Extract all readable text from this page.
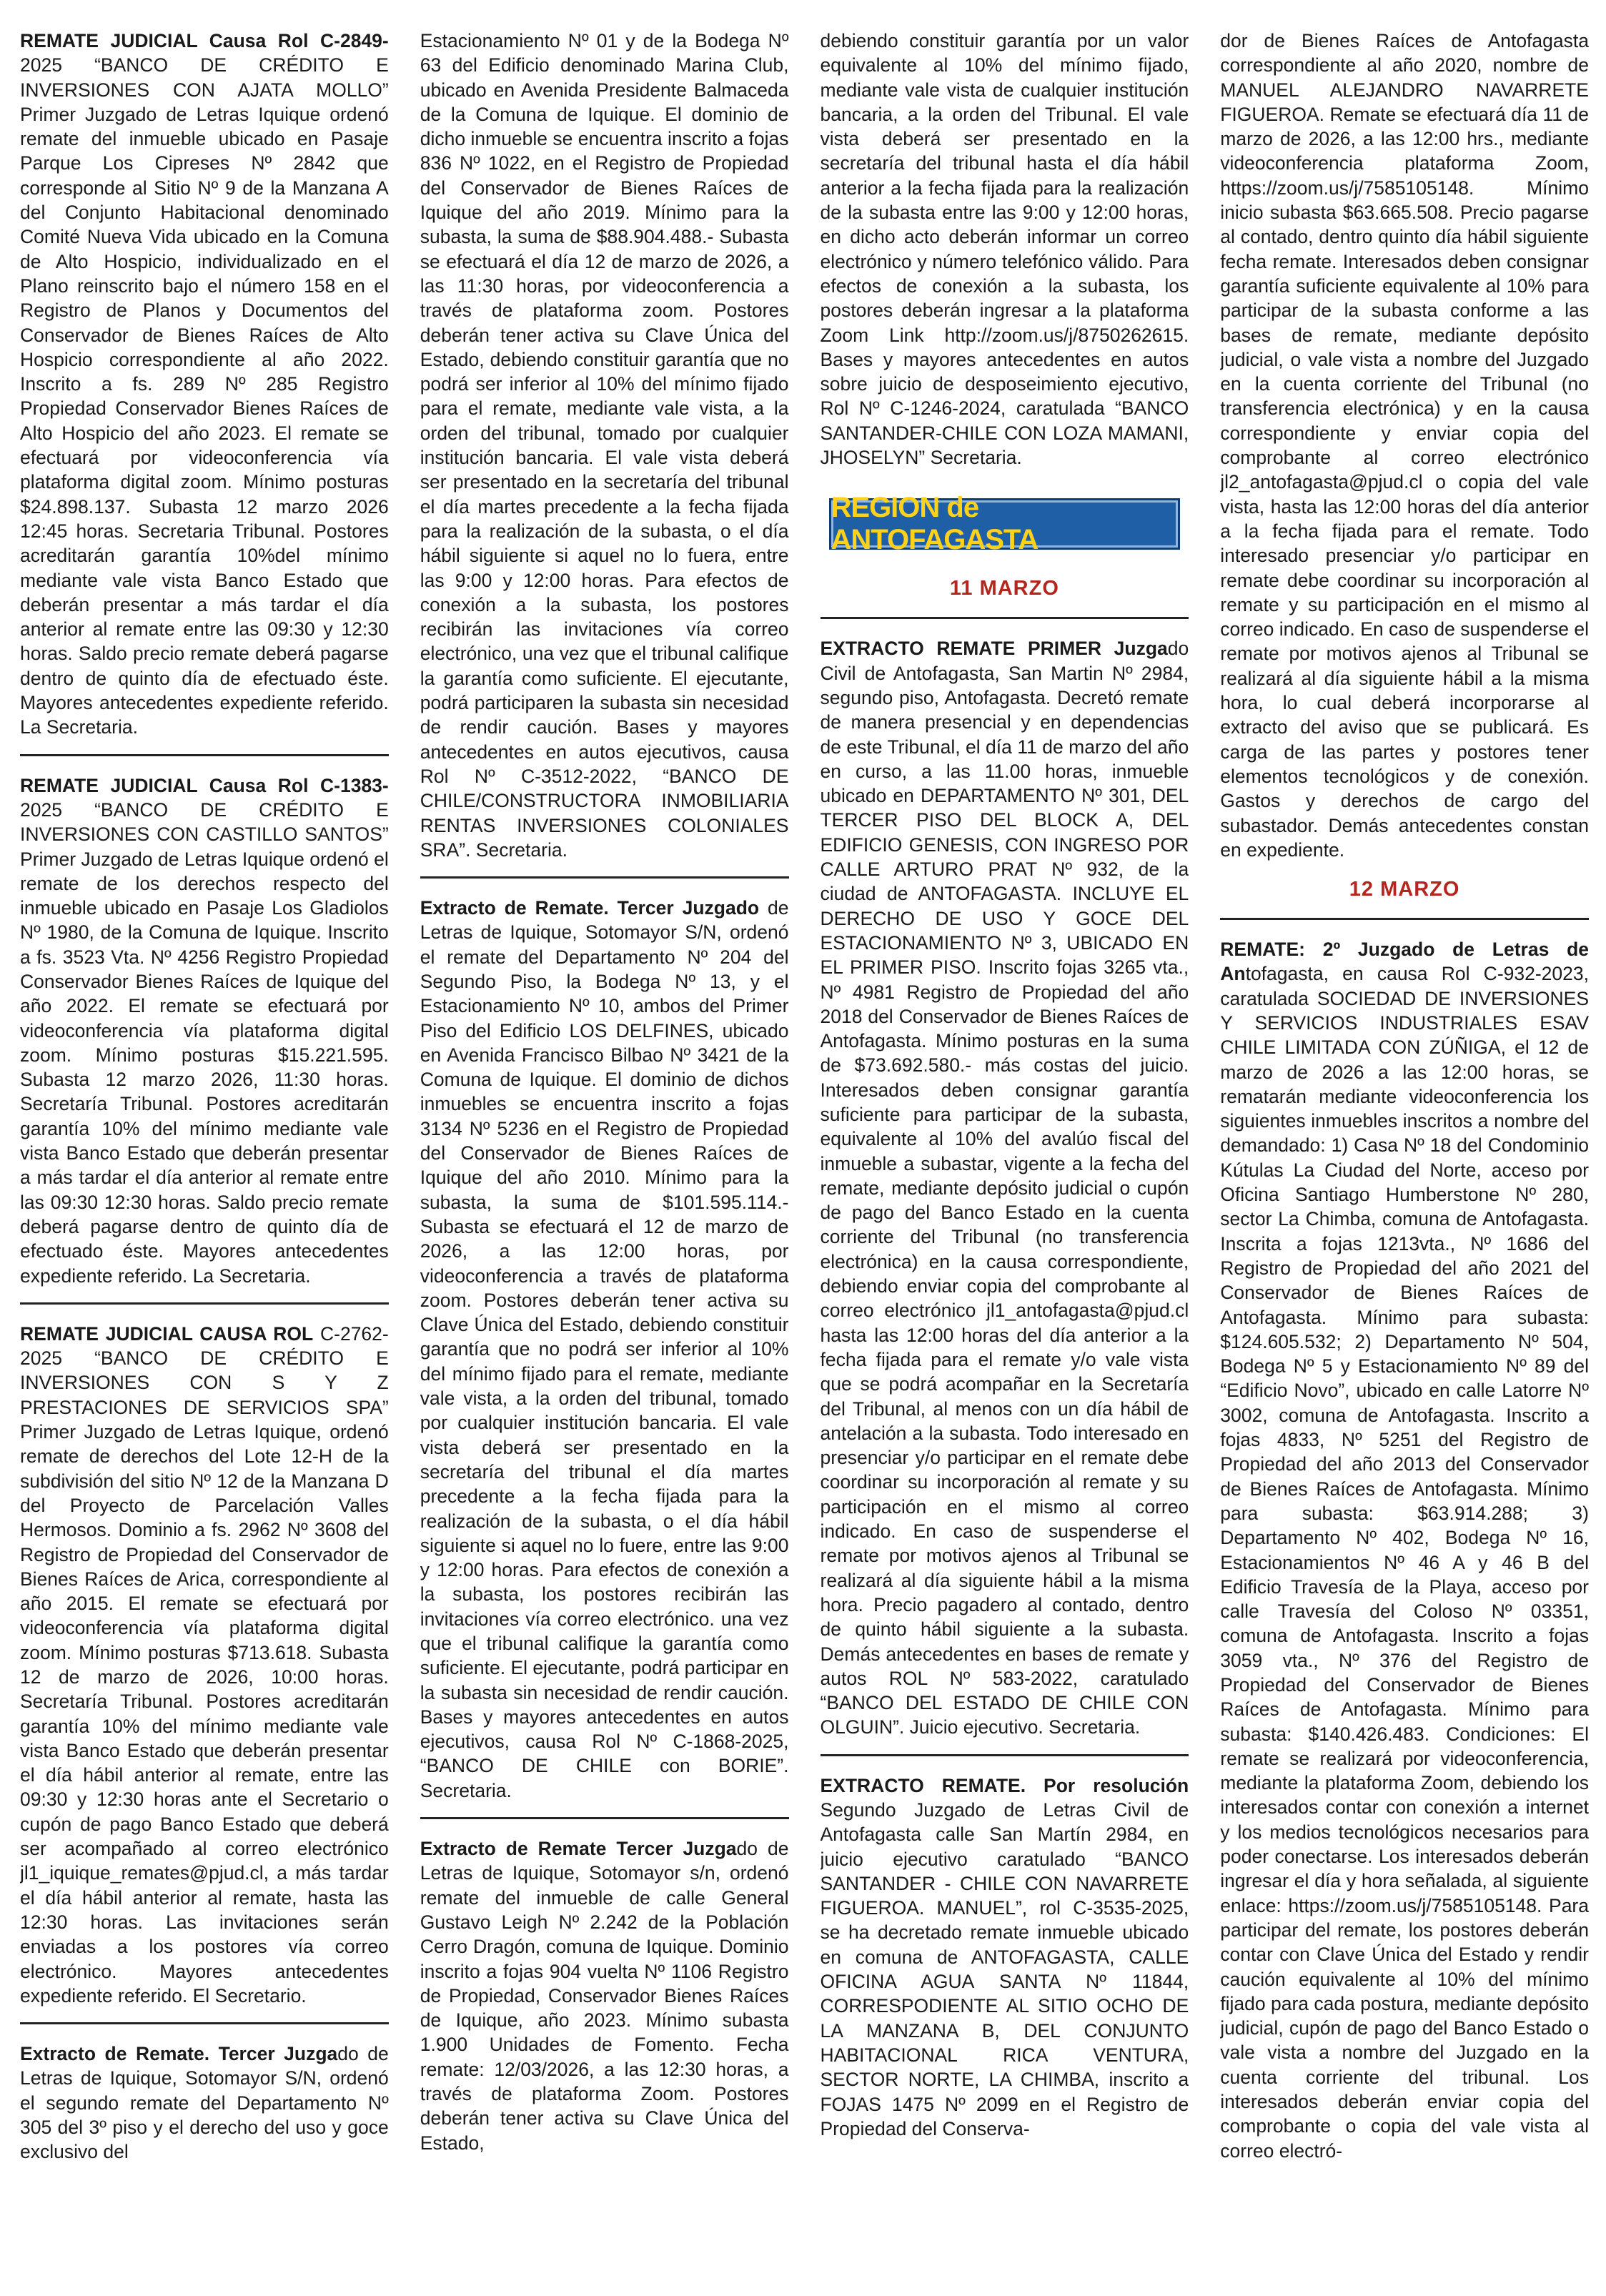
REMATE JUDICIAL Causa Rol C-2849-2025 “BANCO DE CRÉDITO E INVERSIONES CON AJATA MOLLO” Primer Juzgado de Letras Iquique ordenó remate del inmueble ubicado en Pasaje Parque Los Cipreses Nº 2842 que corresponde al Sitio Nº 9 de la Manzana A del Conjunto Habitacional denominado Comité Nueva Vida ubicado en la Comuna de Alto Hospicio, individualizado en el Plano reinscrito bajo el número 158 en el Registro de Planos y Documentos del Conservador de Bienes Raíces de Alto Hospicio correspondiente al año 2022. Inscrito a fs. 289 Nº 285 Registro Propiedad Conservador Bienes Raíces de Alto Hospicio del año 2023. El remate se efectuará por videoconferencia vía plataforma digital zoom. Mínimo posturas $24.898.137. Subasta 12 marzo 2026 12:45 horas. Secretaria Tribunal. Postores acreditarán garantía 10%del mínimo mediante vale vista Banco Estado que deberán presentar a más tardar el día anterior al remate entre las 09:30 y 12:30 horas. Saldo precio remate deberá pagarse dentro de quinto día de efectuado éste. Mayores antecedentes expediente referido. La Secretaria.

REMATE JUDICIAL Causa Rol C-1383-2025 “BANCO DE CRÉDITO E INVERSIONES CON CASTILLO SANTOS” Primer Juzgado de Letras Iquique ordenó el remate de los derechos respecto del inmueble ubicado en Pasaje Los Gladiolos Nº 1980, de la Comuna de Iquique. Inscrito a fs. 3523 Vta. Nº 4256 Registro Propiedad Conservador Bienes Raíces de Iquique del año 2022. El remate se efectuará por videoconferencia vía plataforma digital zoom. Mínimo posturas $15.221.595. Subasta 12 marzo 2026, 11:30 horas. Secretaría Tribunal. Postores acreditarán garantía 10% del mínimo mediante vale vista Banco Estado que deberán presentar a más tardar el día anterior al remate entre las 09:30 12:30 horas. Saldo precio remate deberá pagarse dentro de quinto día de efectuado éste. Mayores antecedentes expediente referido. La Secretaria.

REMATE JUDICIAL CAUSA ROL C-2762-2025 “BANCO DE CRÉDITO E INVERSIONES CON S Y Z PRESTACIONES DE SERVICIOS SPA” Primer Juzgado de Letras Iquique, ordenó remate de derechos del Lote 12-H de la subdivisión del sitio Nº 12 de la Manzana D del Proyecto de Parcelación Valles Hermosos. Dominio a fs. 2962 Nº 3608 del Registro de Propiedad del Conservador de Bienes Raíces de Arica, correspondiente al año 2015. El remate se efectuará por videoconferencia vía plataforma digital zoom. Mínimo posturas $713.618. Subasta 12 de marzo de 2026, 10:00 horas. Secretaría Tribunal. Postores acreditarán garantía 10% del mínimo mediante vale vista Banco Estado que deberán presentar el día hábil anterior al remate, entre las 09:30 y 12:30 horas ante el Secretario o cupón de pago Banco Estado que deberá ser acompañado al correo electrónico jl1_iquique_remates@pjud.cl, a más tardar el día hábil anterior al remate, hasta las 12:30 horas. Las invitaciones serán enviadas a los postores vía correo electrónico. Mayores antecedentes expediente referido. El Secretario.

Extracto de Remate. Tercer Juzgado de Letras de Iquique, Sotomayor S/N, ordenó el segundo remate del Departamento Nº 305 del 3º piso y el derecho del uso y goce exclusivo del

Estacionamiento Nº 01 y de la Bodega Nº 63 del Edificio denominado Marina Club, ubicado en Avenida Presidente Balmaceda de la Comuna de Iquique. El dominio de dicho inmueble se encuentra inscrito a fojas 836 Nº 1022, en el Registro de Propiedad del Conservador de Bienes Raíces de Iquique del año 2019. Mínimo para la subasta, la suma de $88.904.488.- Subasta se efectuará el día 12 de marzo de 2026, a las 11:30 horas, por videoconferencia a través de plataforma zoom. Postores deberán tener activa su Clave Única del Estado, debiendo constituir garantía que no podrá ser inferior al 10% del mínimo fijado para el remate, mediante vale vista, a la orden del tribunal, tomado por cualquier institución bancaria. El vale vista deberá ser presentado en la secretaría del tribunal el día martes precedente a la fecha fijada para la realización de la subasta, o el día hábil siguiente si aquel no lo fuera, entre las 9:00 y 12:00 horas. Para efectos de conexión a la subasta, los postores recibirán las invitaciones vía correo electrónico, una vez que el tribunal califique la garantía como suficiente. El ejecutante, podrá participaren la subasta sin necesidad de rendir caución. Bases y mayores antecedentes en autos ejecutivos, causa Rol Nº C-3512-2022, “BANCO DE CHILE/CONSTRUCTORA INMOBILIARIA RENTAS INVERSIONES COLONIALES SRA”. Secretaria.

Extracto de Remate. Tercer Juzgado de Letras de Iquique, Sotomayor S/N, ordenó el remate del Departamento Nº 204 del Segundo Piso, la Bodega Nº 13, y el Estacionamiento Nº 10, ambos del Primer Piso del Edificio LOS DELFINES, ubicado en Avenida Francisco Bilbao Nº 3421 de la Comuna de Iquique. El dominio de dichos inmuebles se encuentra inscrito a fojas 3134 Nº 5236 en el Registro de Propiedad del Conservador de Bienes Raíces de Iquique del año 2010. Mínimo para la subasta, la suma de $101.595.114.-Subasta se efectuará el 12 de marzo de 2026, a las 12:00 horas, por videoconferencia a través de plataforma zoom. Postores deberán tener activa su Clave Única del Estado, debiendo constituir garantía que no podrá ser inferior al 10% del mínimo fijado para el remate, mediante vale vista, a la orden del tribunal, tomado por cualquier institución bancaria. El vale vista deberá ser presentado en la secretaría del tribunal el día martes precedente a la fecha fijada para la realización de la subasta, o el día hábil siguiente si aquel no lo fuere, entre las 9:00 y 12:00 horas. Para efectos de conexión a la subasta, los postores recibirán las invitaciones vía correo electrónico. una vez que el tribunal califique la garantía como suficiente. El ejecutante, podrá participar en la subasta sin necesidad de rendir caución. Bases y mayores antecedentes en autos ejecutivos, causa Rol Nº C-1868-2025, “BANCO DE CHILE con BORIE”. Secretaria.

Extracto de Remate Tercer Juzgado de Letras de Iquique, Sotomayor s/n, ordenó remate del inmueble de calle General Gustavo Leigh Nº 2.242 de la Población Cerro Dragón, comuna de Iquique. Dominio inscrito a fojas 904 vuelta Nº 1106 Registro de Propiedad, Conservador Bienes Raíces de Iquique, año 2023. Mínimo subasta 1.900 Unidades de Fomento. Fecha remate: 12/03/2026, a las 12:30 horas, a través de plataforma Zoom. Postores deberán tener activa su Clave Única del Estado,

debiendo constituir garantía por un valor equivalente al 10% del mínimo fijado, mediante vale vista de cualquier institución bancaria, a la orden del Tribunal. El vale vista deberá ser presentado en la secretaría del tribunal hasta el día hábil anterior a la fecha fijada para la realización de la subasta entre las 9:00 y 12:00 horas, en dicho acto deberán informar un correo electrónico y número telefónico válido. Para efectos de conexión a la subasta, los postores deberán ingresar a la plataforma Zoom Link http://zoom.us/j/8750262615. Bases y mayores antecedentes en autos sobre juicio de desposeimiento ejecutivo, Rol Nº C-1246-2024, caratulada “BANCO SANTANDER-CHILE CON LOZA MAMANI, JHOSELYN” Secretaria.

REGION de ANTOFAGASTA
11 MARZO

EXTRACTO REMATE PRIMER Juzgado Civil de Antofagasta, San Martin Nº 2984, segundo piso, Antofagasta. Decretó remate de manera presencial y en dependencias de este Tribunal, el día 11 de marzo del año en curso, a las 11.00 horas, inmueble ubicado en DEPARTAMENTO Nº 301, DEL TERCER PISO DEL BLOCK A, DEL EDIFICIO GENESIS, CON INGRESO POR CALLE ARTURO PRAT Nº 932, de la ciudad de ANTOFAGASTA. INCLUYE EL DERECHO DE USO Y GOCE DEL ESTACIONAMIENTO Nº 3, UBICADO EN EL PRIMER PISO. Inscrito fojas 3265 vta., Nº 4981 Registro de Propiedad del año 2018 del Conservador de Bienes Raíces de Antofagasta. Mínimo posturas en la suma de $73.692.580.- más costas del juicio. Interesados deben consignar garantía suficiente para participar de la subasta, equivalente al 10% del avalúo fiscal del inmueble a subastar, vigente a la fecha del remate, mediante depósito judicial o cupón de pago del Banco Estado en la cuenta corriente del Tribunal (no transferencia electrónica) en la causa correspondiente, debiendo enviar copia del comprobante al correo electrónico jl1_antofagasta@pjud.cl hasta las 12:00 horas del día anterior a la fecha fijada para el remate y/o vale vista que se podrá acompañar en la Secretaría del Tribunal, al menos con un día hábil de antelación a la subasta. Todo interesado en presenciar y/o participar en el remate debe coordinar su incorporación al remate y su participación en el mismo al correo indicado. En caso de suspenderse el remate por motivos ajenos al Tribunal se realizará al día siguiente hábil a la misma hora. Precio pagadero al contado, dentro de quinto hábil siguiente a la subasta. Demás antecedentes en bases de remate y autos ROL Nº 583-2022, caratulado “BANCO DEL ESTADO DE CHILE CON OLGUIN”. Juicio ejecutivo. Secretaria.

EXTRACTO REMATE. Por resolución Segundo Juzgado de Letras Civil de Antofagasta calle San Martín 2984, en juicio ejecutivo caratulado “BANCO SANTANDER - CHILE CON NAVARRETE FIGUEROA. MANUEL”, rol C-3535-2025, se ha decretado remate inmueble ubicado en comuna de ANTOFAGASTA, CALLE OFICINA AGUA SANTA Nº 11844, CORRESPODIENTE AL SITIO OCHO DE LA MANZANA B, DEL CONJUNTO HABITACIONAL RICA VENTURA, SECTOR NORTE, LA CHIMBA, inscrito a FOJAS 1475 Nº 2099 en el Registro de Propiedad del Conserva-

dor de Bienes Raíces de Antofagasta correspondiente al año 2020, nombre de MANUEL ALEJANDRO NAVARRETE FIGUEROA. Remate se efectuará día 11 de marzo de 2026, a las 12:00 hrs., mediante videoconferencia plataforma Zoom, https://zoom.us/j/7585105148. Mínimo inicio subasta $63.665.508. Precio pagarse al contado, dentro quinto día hábil siguiente fecha remate. Interesados deben consignar garantía suficiente equivalente al 10% para participar de la subasta conforme a las bases de remate, mediante depósito judicial, o vale vista a nombre del Juzgado en la cuenta corriente del Tribunal (no transferencia electrónica) y en la causa correspondiente y enviar copia del comprobante al correo electrónico jl2_antofagasta@pjud.cl o copia del vale vista, hasta las 12:00 horas del día anterior a la fecha fijada para el remate. Todo interesado presenciar y/o participar en remate debe coordinar su incorporación al remate y su participación en el mismo al correo indicado. En caso de suspenderse el remate por motivos ajenos al Tribunal se realizará al día siguiente hábil a la misma hora, lo cual deberá incorporarse al extracto del aviso que se publicará. Es carga de las partes y postores tener elementos tecnológicos y de conexión. Gastos y derechos de cargo del subastador. Demás antecedentes constan en expediente.

12 MARZO

REMATE: 2º Juzgado de Letras de Antofagasta, en causa Rol C-932-2023, caratulada SOCIEDAD DE INVERSIONES Y SERVICIOS INDUSTRIALES ESAV CHILE LIMITADA CON ZÚÑIGA, el 12 de marzo de 2026 a las 12:00 horas, se rematarán mediante videoconferencia los siguientes inmuebles inscritos a nombre del demandado: 1) Casa Nº 18 del Condominio Kútulas La Ciudad del Norte, acceso por Oficina Santiago Humberstone Nº 280, sector La Chimba, comuna de Antofagasta. Inscrita a fojas 1213vta., Nº 1686 del Registro de Propiedad del año 2021 del Conservador de Bienes Raíces de Antofagasta. Mínimo para subasta: $124.605.532; 2) Departamento Nº 504, Bodega Nº 5 y Estacionamiento Nº 89 del “Edificio Novo”, ubicado en calle Latorre Nº 3002, comuna de Antofagasta. Inscrito a fojas 4833, Nº 5251 del Registro de Propiedad del año 2013 del Conservador de Bienes Raíces de Antofagasta. Mínimo para subasta: $63.914.288; 3) Departamento Nº 402, Bodega Nº 16, Estacionamientos Nº 46 A y 46 B del Edificio Travesía de la Playa, acceso por calle Travesía del Coloso Nº 03351, comuna de Antofagasta. Inscrito a fojas 3059 vta., Nº 376 del Registro de Propiedad del Conservador de Bienes Raíces de Antofagasta. Mínimo para subasta: $140.426.483. Condiciones: El remate se realizará por videoconferencia, mediante la plataforma Zoom, debiendo los interesados contar con conexión a internet y los medios tecnológicos necesarios para poder conectarse. Los interesados deberán ingresar el día y hora señalada, al siguiente enlace: https://zoom.us/j/7585105148. Para participar del remate, los postores deberán contar con Clave Única del Estado y rendir caución equivalente al 10% del mínimo fijado para cada postura, mediante depósito judicial, cupón de pago del Banco Estado o vale vista a nombre del Juzgado en la cuenta corriente del tribunal. Los interesados deberán enviar copia del comprobante o copia del vale vista al correo electró-
